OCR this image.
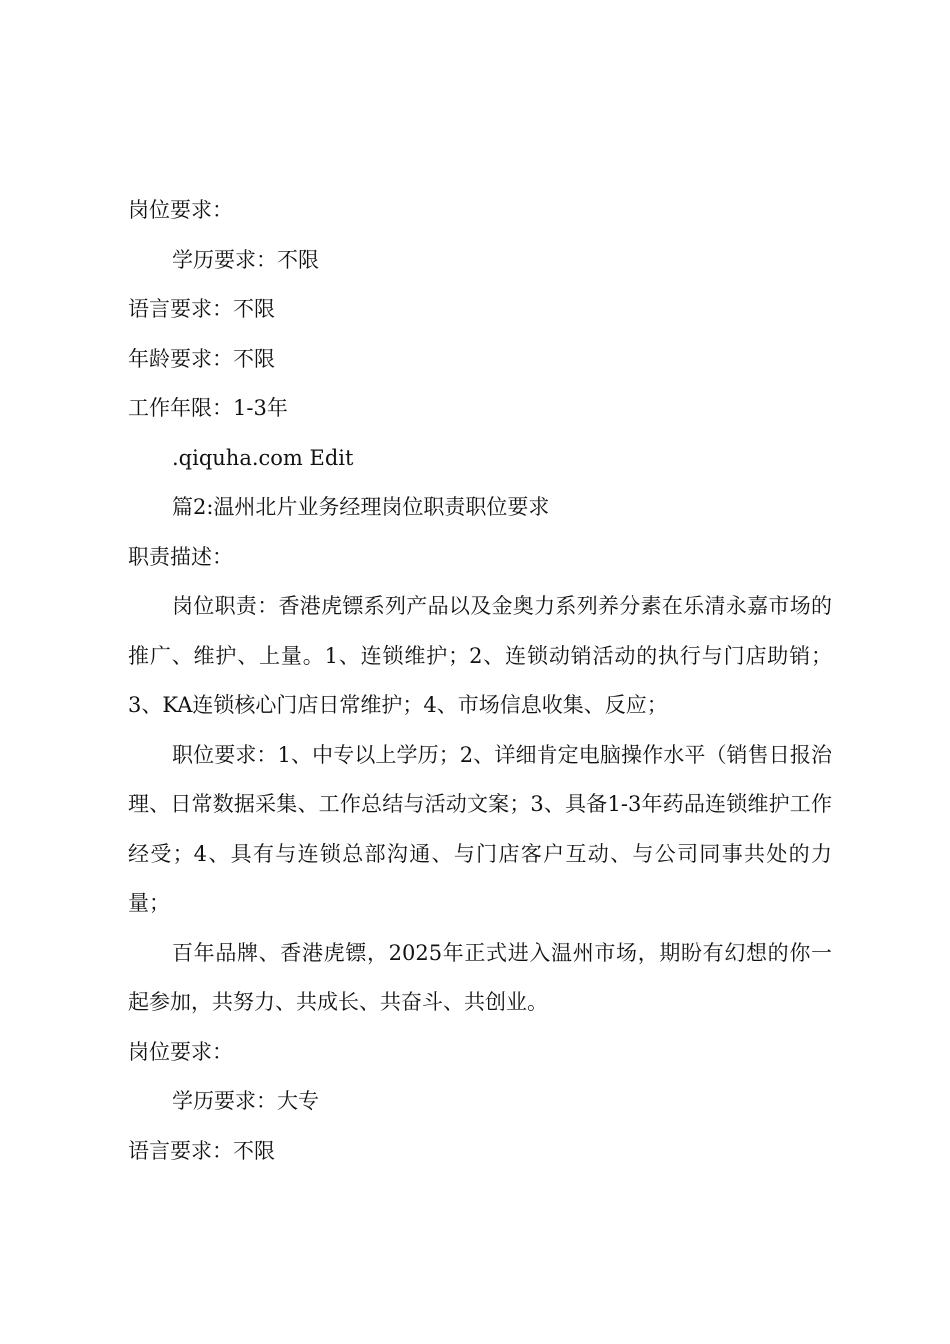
岗位要求：

学历要求：不限

语言要求：不限

年龄要求：不限

工作年限：1-3年

.qiquha.com Edit

篇2:温州北片业务经理岗位职责职位要求

职责描述：

岗位职责：香港虎镖系列产品以及金奥力系列养分素在乐清永嘉市场的推广、维护、上量。1、连锁维护；2、连锁动销活动的执行与门店助销；3、KA连锁核心门店日常维护；4、市场信息收集、反应；

职位要求：1、中专以上学历；2、详细肯定电脑操作水平（销售日报治理、日常数据采集、工作总结与活动文案；3、具备1-3年药品连锁维护工作经受；4、具有与连锁总部沟通、与门店客户互动、与公司同事共处的力量；

百年品牌、香港虎镖，2025年正式进入温州市场，期盼有幻想的你一起参加，共努力、共成长、共奋斗、共创业。

岗位要求：

学历要求：大专

语言要求：不限
